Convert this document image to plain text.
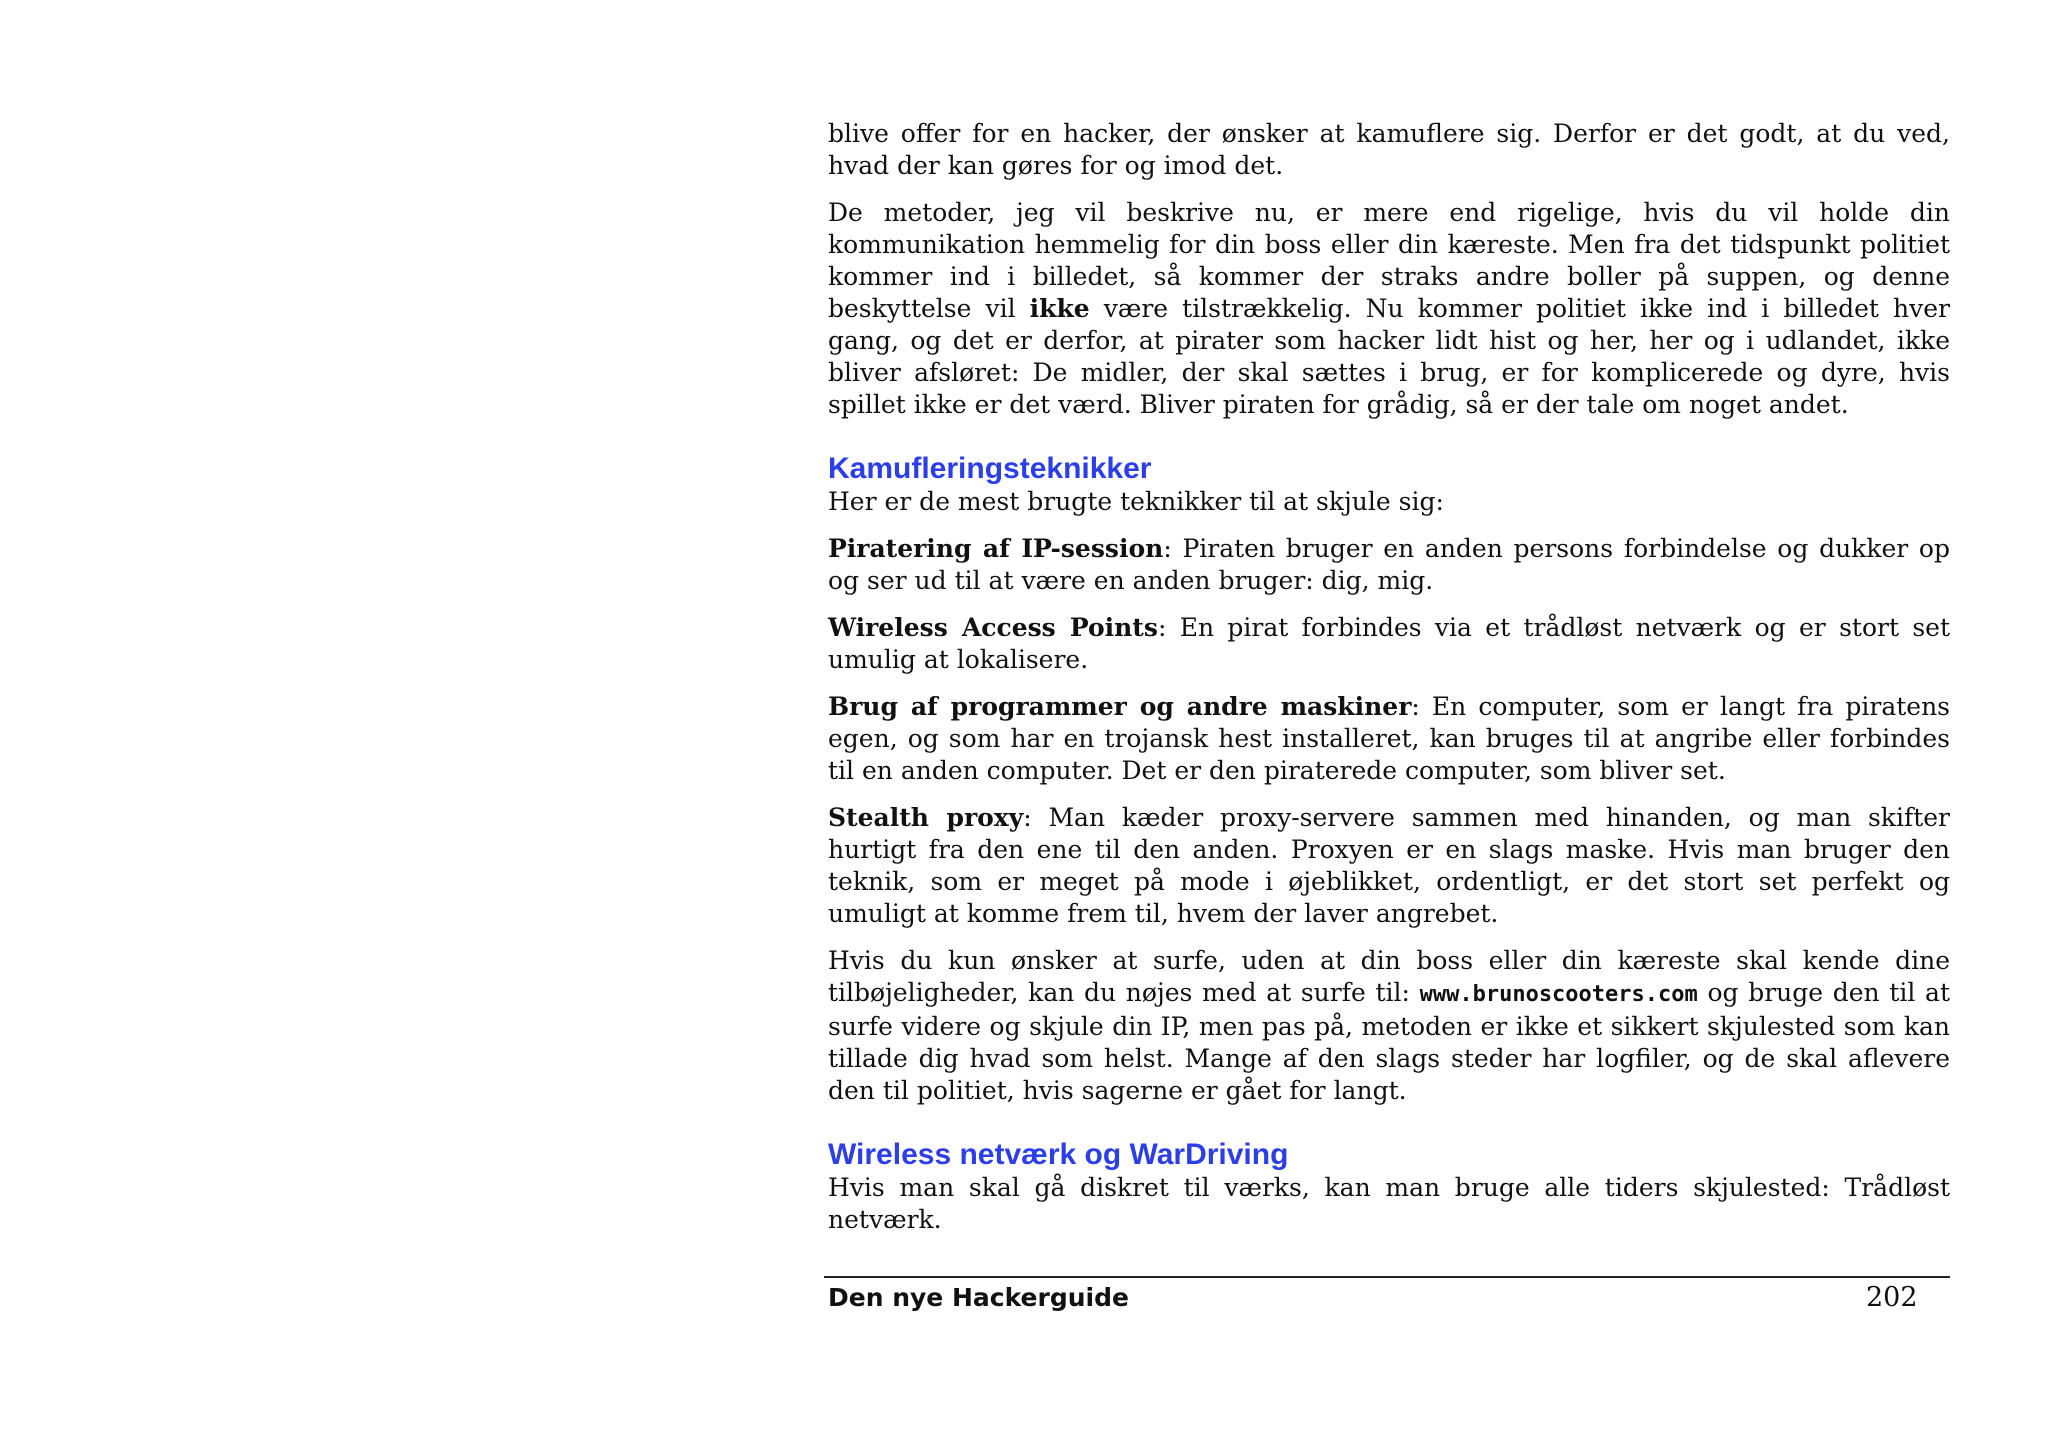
blive offer for en hacker, der ønsker at kamuflere sig. Derfor er det godt, at du ved, hvad der kan gøres for og imod det.

De metoder, jeg vil beskrive nu, er mere end rigelige, hvis du vil holde din kommunikation hemmelig for din boss eller din kæreste. Men fra det tidspunkt politiet kommer ind i billedet, så kommer der straks andre boller på suppen, og denne beskyttelse vil ikke være tilstrækkelig. Nu kommer politiet ikke ind i billedet hver gang, og det er derfor, at pirater som hacker lidt hist og her, her og i udlandet, ikke bliver afsløret: De midler, der skal sættes i brug, er for komplicerede og dyre, hvis spillet ikke er det værd. Bliver piraten for grådig, så er der tale om noget andet.

Kamufleringsteknikker

Her er de mest brugte teknikker til at skjule sig:

Piratering af IP-session: Piraten bruger en anden persons forbindelse og dukker op og ser ud til at være en anden bruger: dig, mig.

Wireless Access Points: En pirat forbindes via et trådløst netværk og er stort set umulig at lokalisere.

Brug af programmer og andre maskiner: En computer, som er langt fra piratens egen, og som har en trojansk hest installeret, kan bruges til at angribe eller forbindes til en anden computer. Det er den piraterede computer, som bliver set.

Stealth proxy: Man kæder proxy-servere sammen med hinanden, og man skifter hurtigt fra den ene til den anden. Proxyen er en slags maske. Hvis man bruger den teknik, som er meget på mode i øjeblikket, ordentligt, er det stort set perfekt og umuligt at komme frem til, hvem der laver angrebet.

Hvis du kun ønsker at surfe, uden at din boss eller din kæreste skal kende dine tilbøjeligheder, kan du nøjes med at surfe til: www.brunoscooters.com og bruge den til at surfe videre og skjule din IP, men pas på, metoden er ikke et sikkert skjulested som kan tillade dig hvad som helst. Mange af den slags steder har logfiler, og de skal aflevere den til politiet, hvis sagerne er gået for langt.

Wireless netværk og WarDriving

Hvis man skal gå diskret til værks, kan man bruge alle tiders skjulested: Trådløst netværk.

Den nye Hackerguide	202
